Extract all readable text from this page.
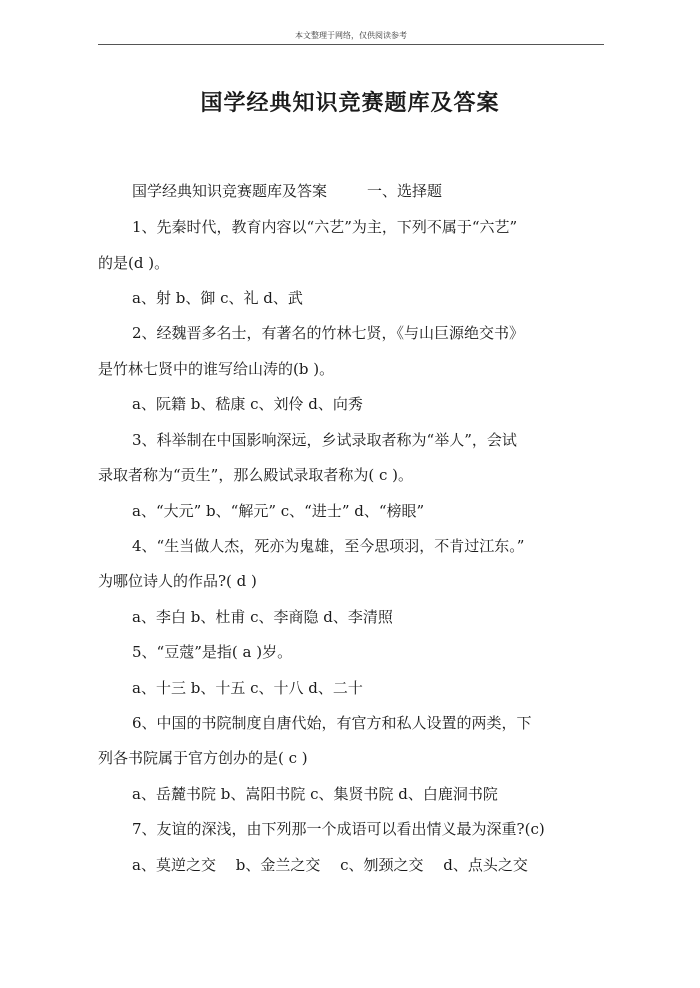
本文整理于网络，仅供阅读参考
国学经典知识竞赛题库及答案
国学经典知识竞赛题库及答案	一、选择题
1、先秦时代，教育内容以“六艺”为主，下列不属于“六艺”
的是(d )。
a、射 b、御 c、礼 d、武
2、经魏晋多名士，有著名的竹林七贤，《与山巨源绝交书》
是竹林七贤中的谁写给山涛的(b )。
a、阮籍 b、嵇康 c、刘伶 d、向秀
3、科举制在中国影响深远，乡试录取者称为“举人”，会试
录取者称为“贡生”，那么殿试录取者称为( c )。
a、“大元” b、“解元” c、“进士” d、“榜眼”
4、“生当做人杰，死亦为鬼雄，至今思项羽，不肯过江东。”
为哪位诗人的作品?( d )
a、李白 b、杜甫 c、李商隐 d、李清照
5、“豆蔻”是指( a )岁。
a、十三 b、十五 c、十八 d、二十
6、中国的书院制度自唐代始，有官方和私人设置的两类，下
列各书院属于官方创办的是( c )
a、岳麓书院 b、嵩阳书院 c、集贤书院 d、白鹿洞书院
7、友谊的深浅，由下列那一个成语可以看出情义最为深重?(c)
a、莫逆之交　 b、金兰之交　 c、刎颈之交　 d、点头之交
